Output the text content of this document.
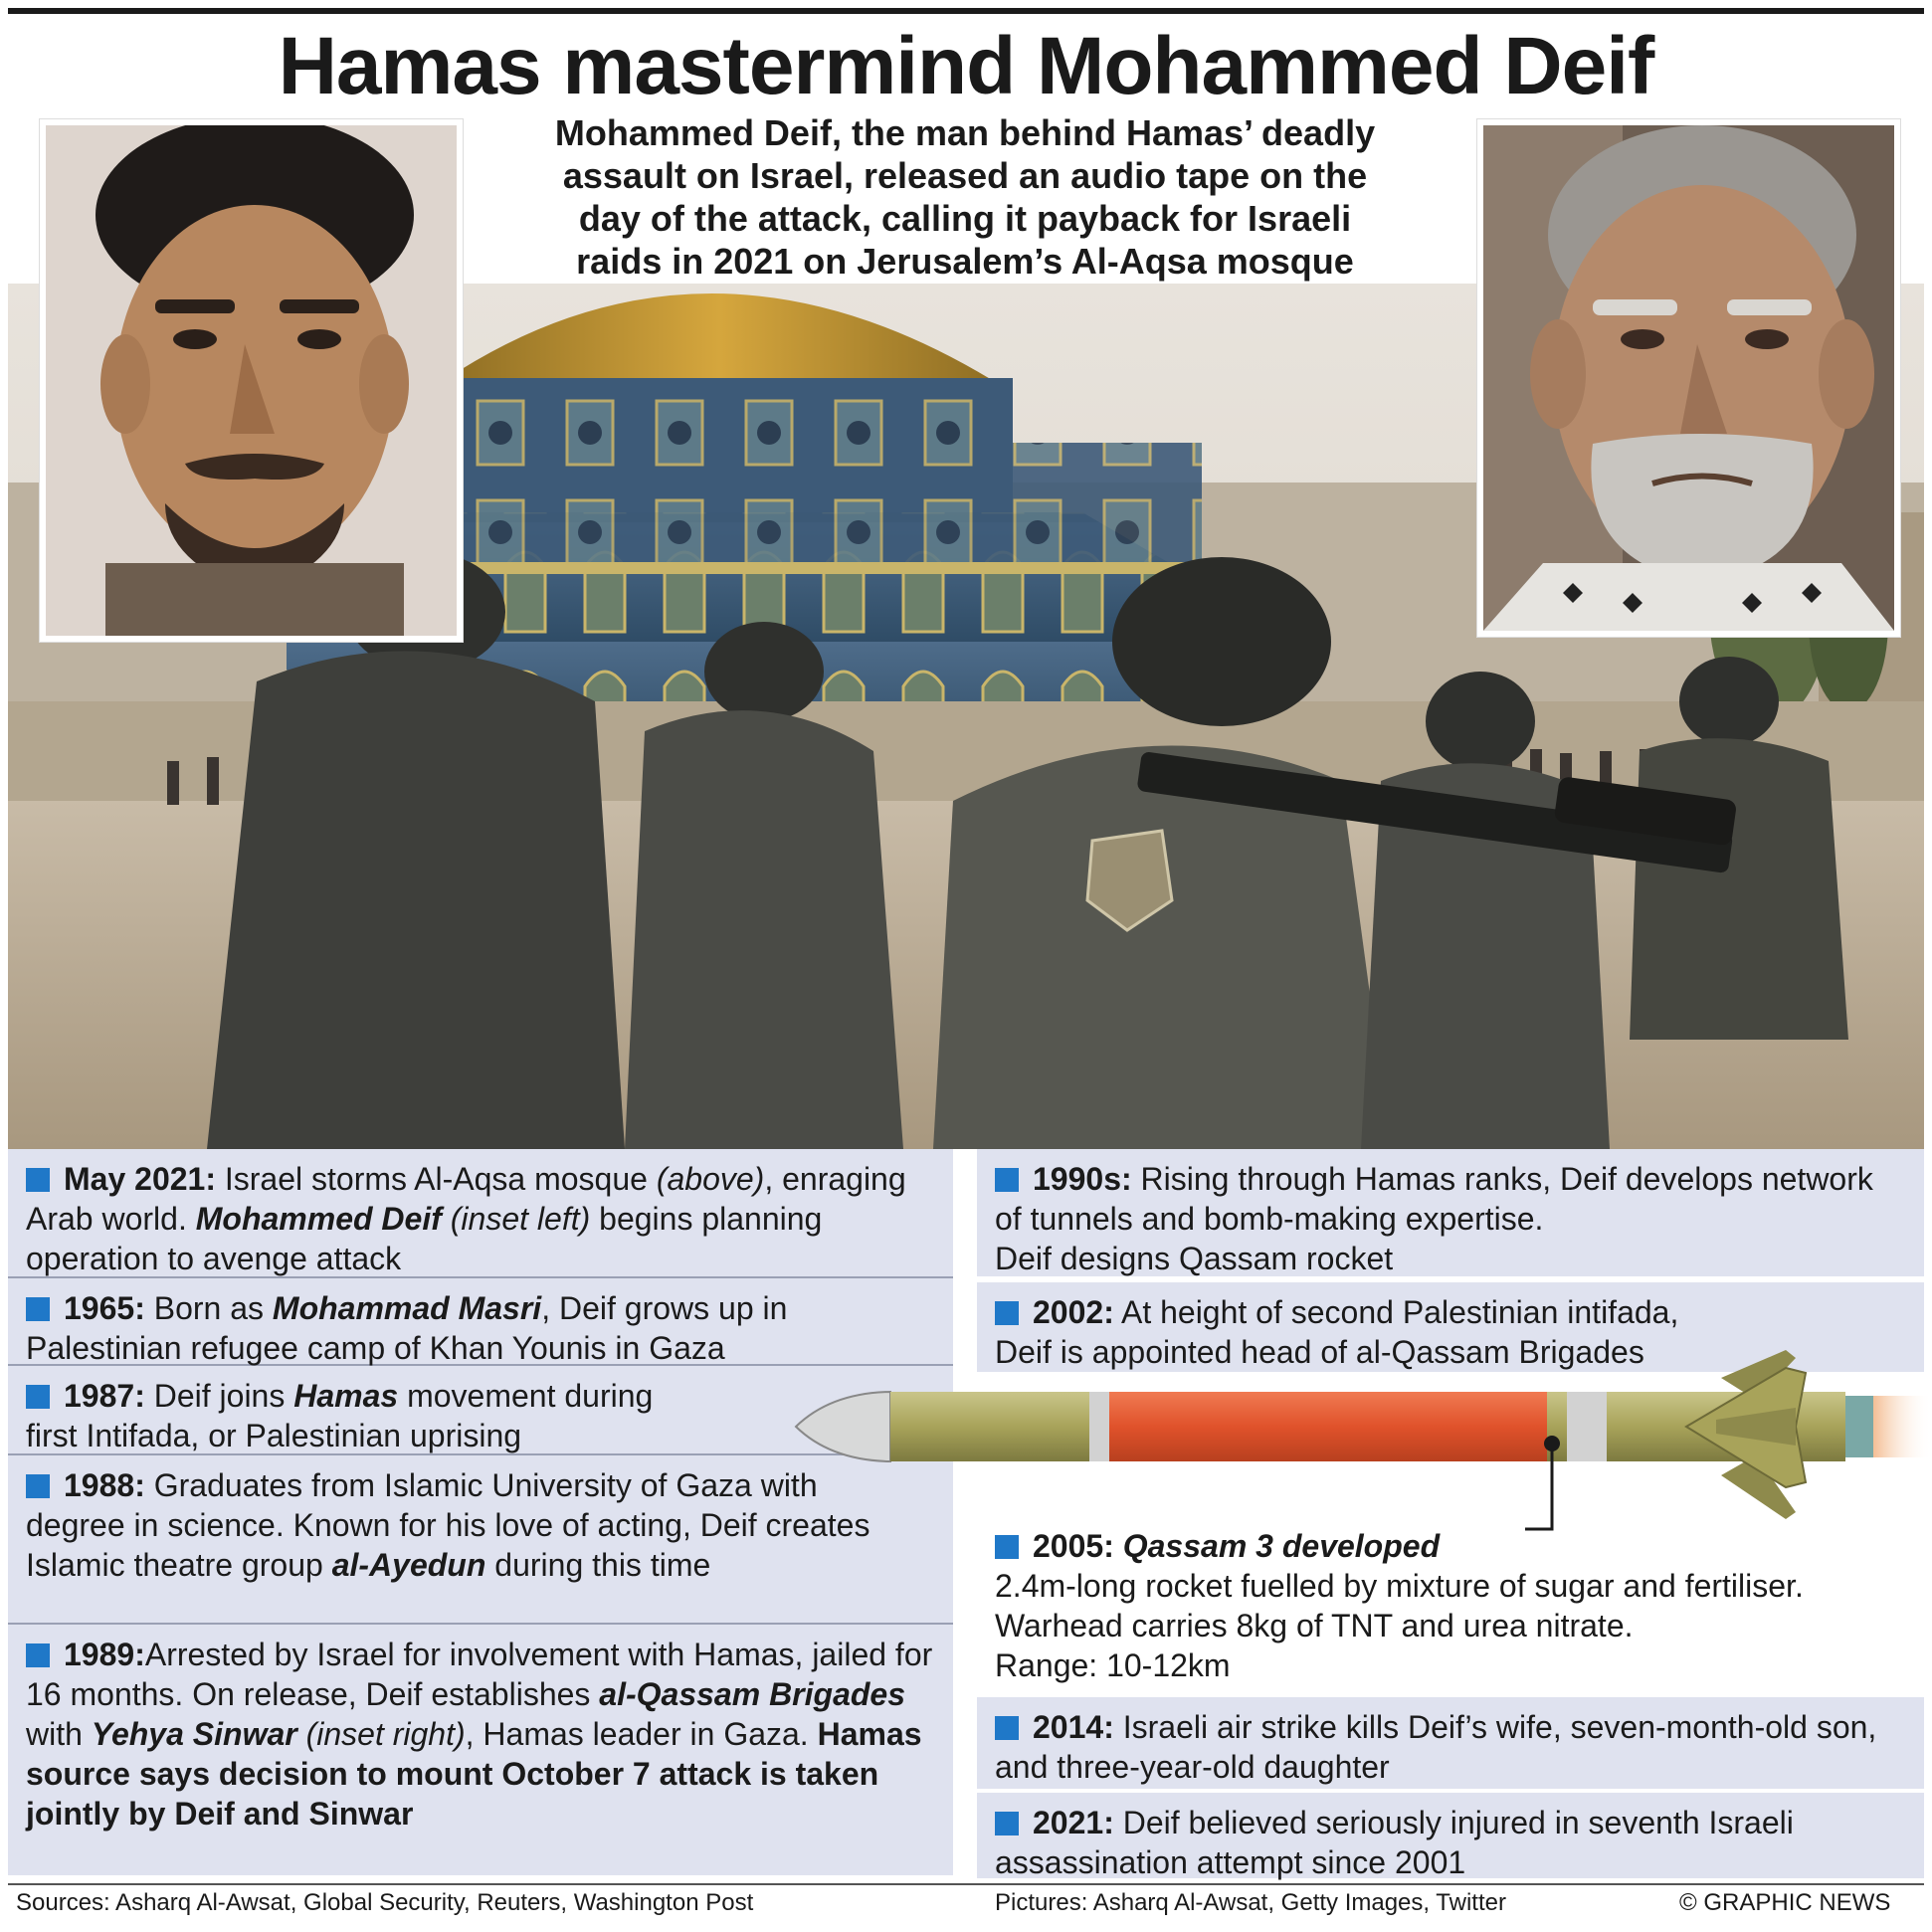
Hamas mastermind Mohammed Deif
Mohammed Deif, the man behind Hamas’ deadly
assault on Israel, released an audio tape on the
day of the attack, calling it payback for Israeli
raids in 2021 on Jerusalem’s Al-Aqsa mosque
May 2021: Israel storms Al-Aqsa mosque (above), enraging Arab world. Mohammed Deif (inset left) begins planning operation to avenge attack
1965: Born as Mohammad Masri, Deif grows up in Palestinian refugee camp of Khan Younis in Gaza
1987: Deif joins Hamas movement during
first Intifada, or Palestinian uprising
1988: Graduates from Islamic University of Gaza with degree in science. Known for his love of acting, Deif creates Islamic theatre group al-Ayedun during this time
1989:Arrested by Israel for involvement with Hamas, jailed for 16 months. On release, Deif establishes al-Qassam Brigades with Yehya Sinwar (inset right), Hamas leader in Gaza. Hamas source says decision to mount October 7 attack is taken jointly by Deif and Sinwar
1990s: Rising through Hamas ranks, Deif develops network of tunnels and bomb-making expertise.
Deif designs Qassam rocket
2002: At height of second Palestinian intifada,
Deif is appointed head of al-Qassam Brigades
2005: Qassam 3 developed
2.4m-long rocket fuelled by mixture of sugar and fertiliser.
Warhead carries 8kg of TNT and urea nitrate.
Range: 10-12km
2014: Israeli air strike kills Deif’s wife, seven-month-old son, and three-year-old daughter
2021: Deif believed seriously injured in seventh Israeli assassination attempt since 2001
Sources: Asharq Al-Awsat, Global Security, Reuters, Washington Post	Pictures: Asharq Al-Awsat, Getty Images, Twitter	© GRAPHIC NEWS
